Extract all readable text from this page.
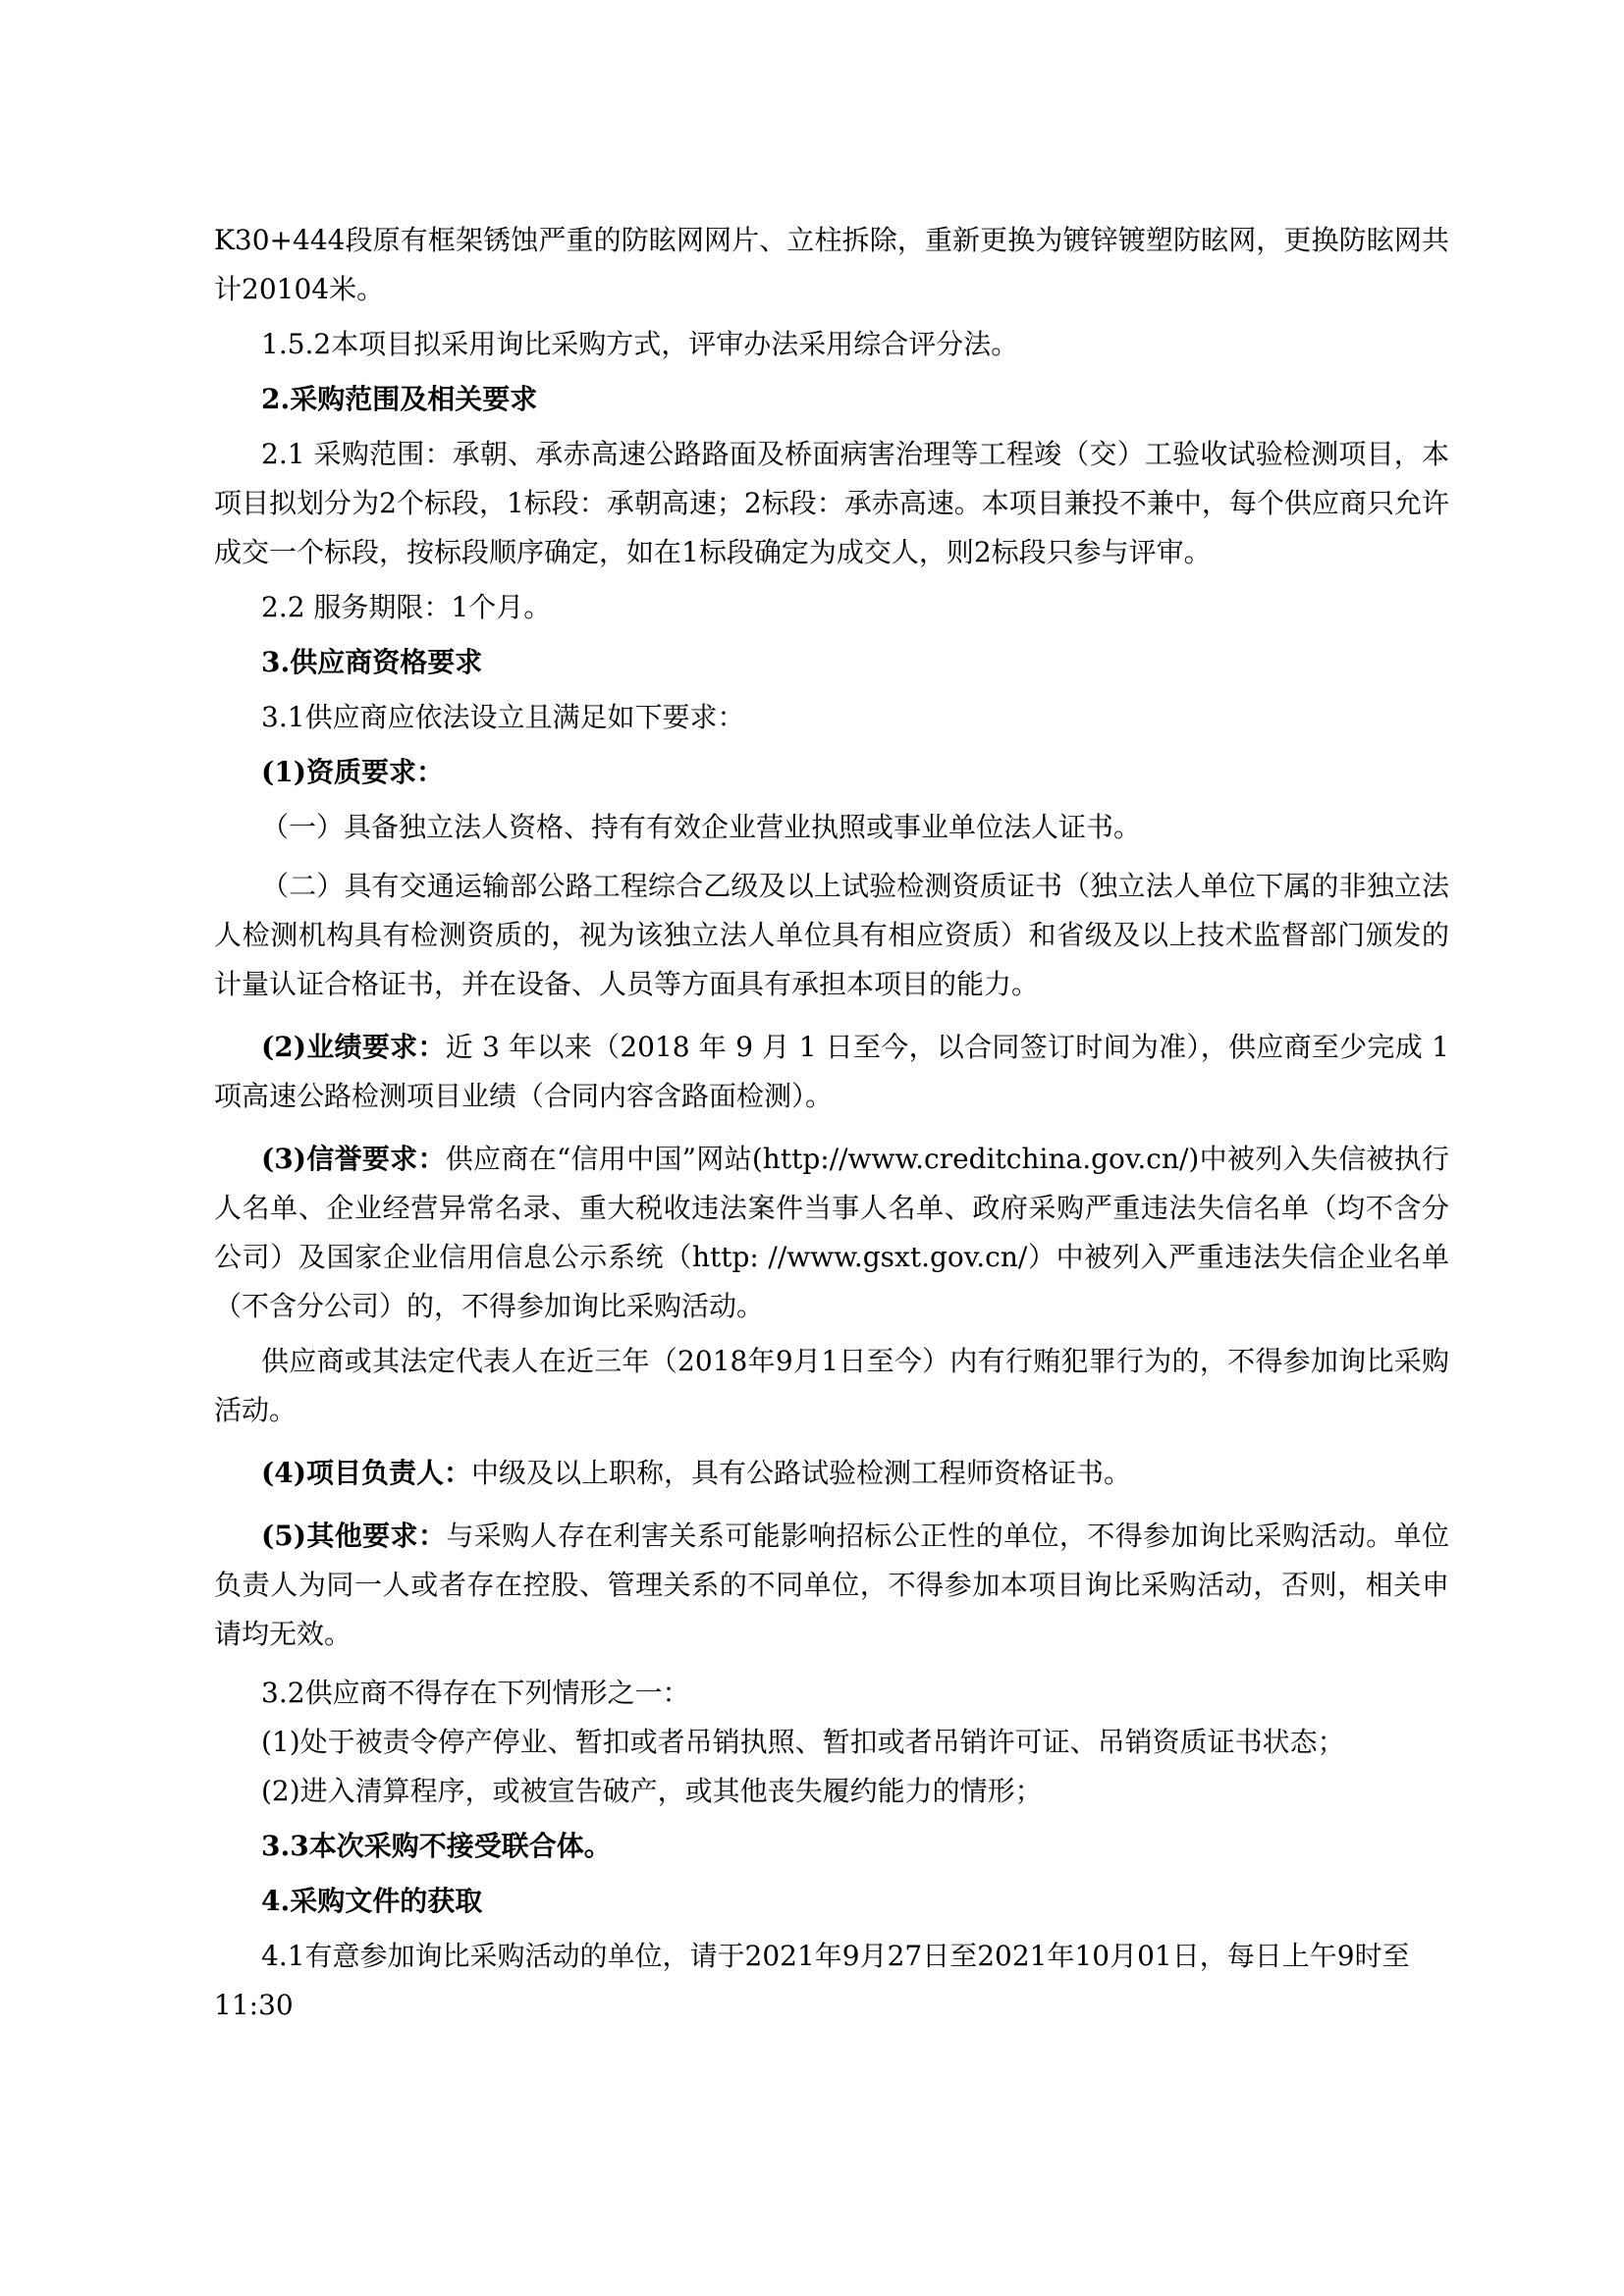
K30+444段原有框架锈蚀严重的防眩网网片、立柱拆除，重新更换为镀锌镀塑防眩网，更换防眩网共计20104米。

1.5.2本项目拟采用询比采购方式，评审办法采用综合评分法。

2.采购范围及相关要求

2.1 采购范围：承朝、承赤高速公路路面及桥面病害治理等工程竣（交）工验收试验检测项目，本项目拟划分为2个标段，1标段：承朝高速；2标段：承赤高速。本项目兼投不兼中，每个供应商只允许成交一个标段，按标段顺序确定，如在1标段确定为成交人，则2标段只参与评审。

2.2 服务期限：1个月。

3.供应商资格要求

3.1供应商应依法设立且满足如下要求：

(1)资质要求：

（一）具备独立法人资格、持有有效企业营业执照或事业单位法人证书。

（二）具有交通运输部公路工程综合乙级及以上试验检测资质证书（独立法人单位下属的非独立法人检测机构具有检测资质的，视为该独立法人单位具有相应资质）和省级及以上技术监督部门颁发的计量认证合格证书，并在设备、人员等方面具有承担本项目的能力。

(2)业绩要求：近 3 年以来（2018 年 9 月 1 日至今，以合同签订时间为准），供应商至少完成 1 项高速公路检测项目业绩（合同内容含路面检测）。

(3)信誉要求：供应商在“信用中国”网站(http://www.creditchina.gov.cn/)中被列入失信被执行人名单、企业经营异常名录、重大税收违法案件当事人名单、政府采购严重违法失信名单（均不含分公司）及国家企业信用信息公示系统（http: //www.gsxt.gov.cn/）中被列入严重违法失信企业名单（不含分公司）的，不得参加询比采购活动。

供应商或其法定代表人在近三年（2018年9月1日至今）内有行贿犯罪行为的，不得参加询比采购活动。

(4)项目负责人：中级及以上职称，具有公路试验检测工程师资格证书。

(5)其他要求：与采购人存在利害关系可能影响招标公正性的单位，不得参加询比采购活动。单位负责人为同一人或者存在控股、管理关系的不同单位，不得参加本项目询比采购活动，否则，相关申请均无效。

3.2供应商不得存在下列情形之一：

(1)处于被责令停产停业、暂扣或者吊销执照、暂扣或者吊销许可证、吊销资质证书状态；

(2)进入清算程序，或被宣告破产，或其他丧失履约能力的情形；

3.3本次采购不接受联合体。

4.采购文件的获取

4.1有意参加询比采购活动的单位，请于2021年9月27日至2021年10月01日，每日上午9时至11:30
